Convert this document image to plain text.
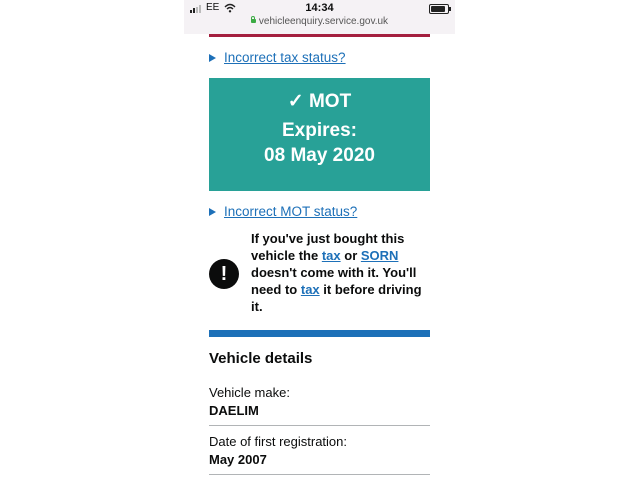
EE	14:34
vehicleenquiry.service.gov.uk
Incorrect tax status?
✓ MOT
Expires:
08 May 2020
Incorrect MOT status?
!
If you've just bought this vehicle the tax or SORN doesn't come with it. You'll need to tax it before driving it.
Vehicle details
Vehicle make:
DAELIM
Date of first registration:
May 2007
